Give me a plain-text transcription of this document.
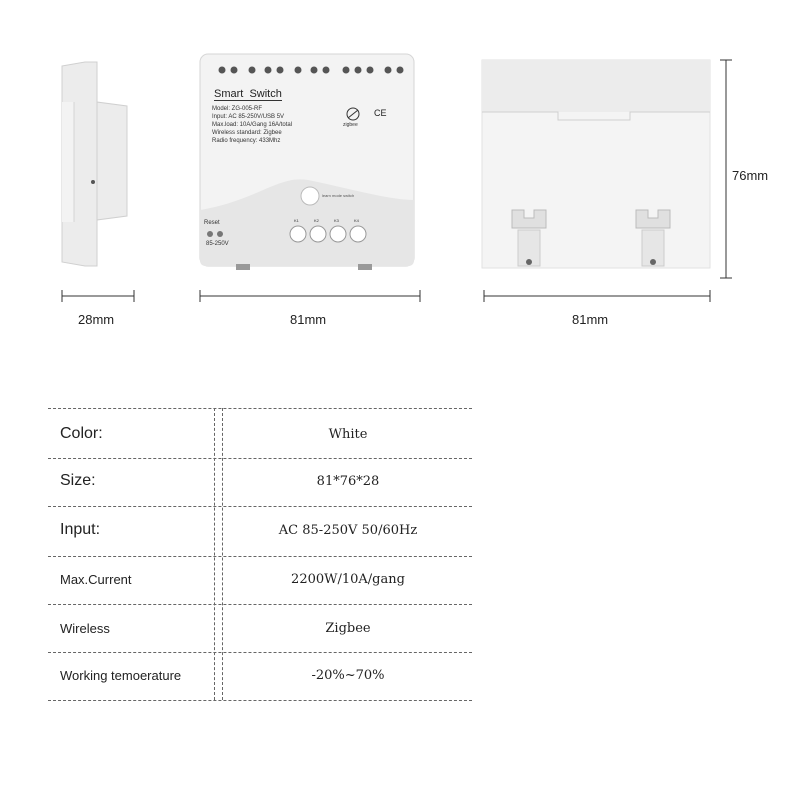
Smart  Switch
Model: ZG-005-RF
Input: AC 85-250V/USB 5V
Max.load: 10A/Gang 16A/total
Wireless standard: Zigbee
Radio frequency: 433Mhz
zigbee
CE
learn mode switch
Reset
85-250V
K1	K2	K3	K4
28mm	81mm	81mm
76mm
Color:	White
Size:	81*76*28
Input:	AC 85-250V 50/60Hz
Max.Current	2200W/10A/gang
Wireless	Zigbee
Working temoerature	-20%~70%
